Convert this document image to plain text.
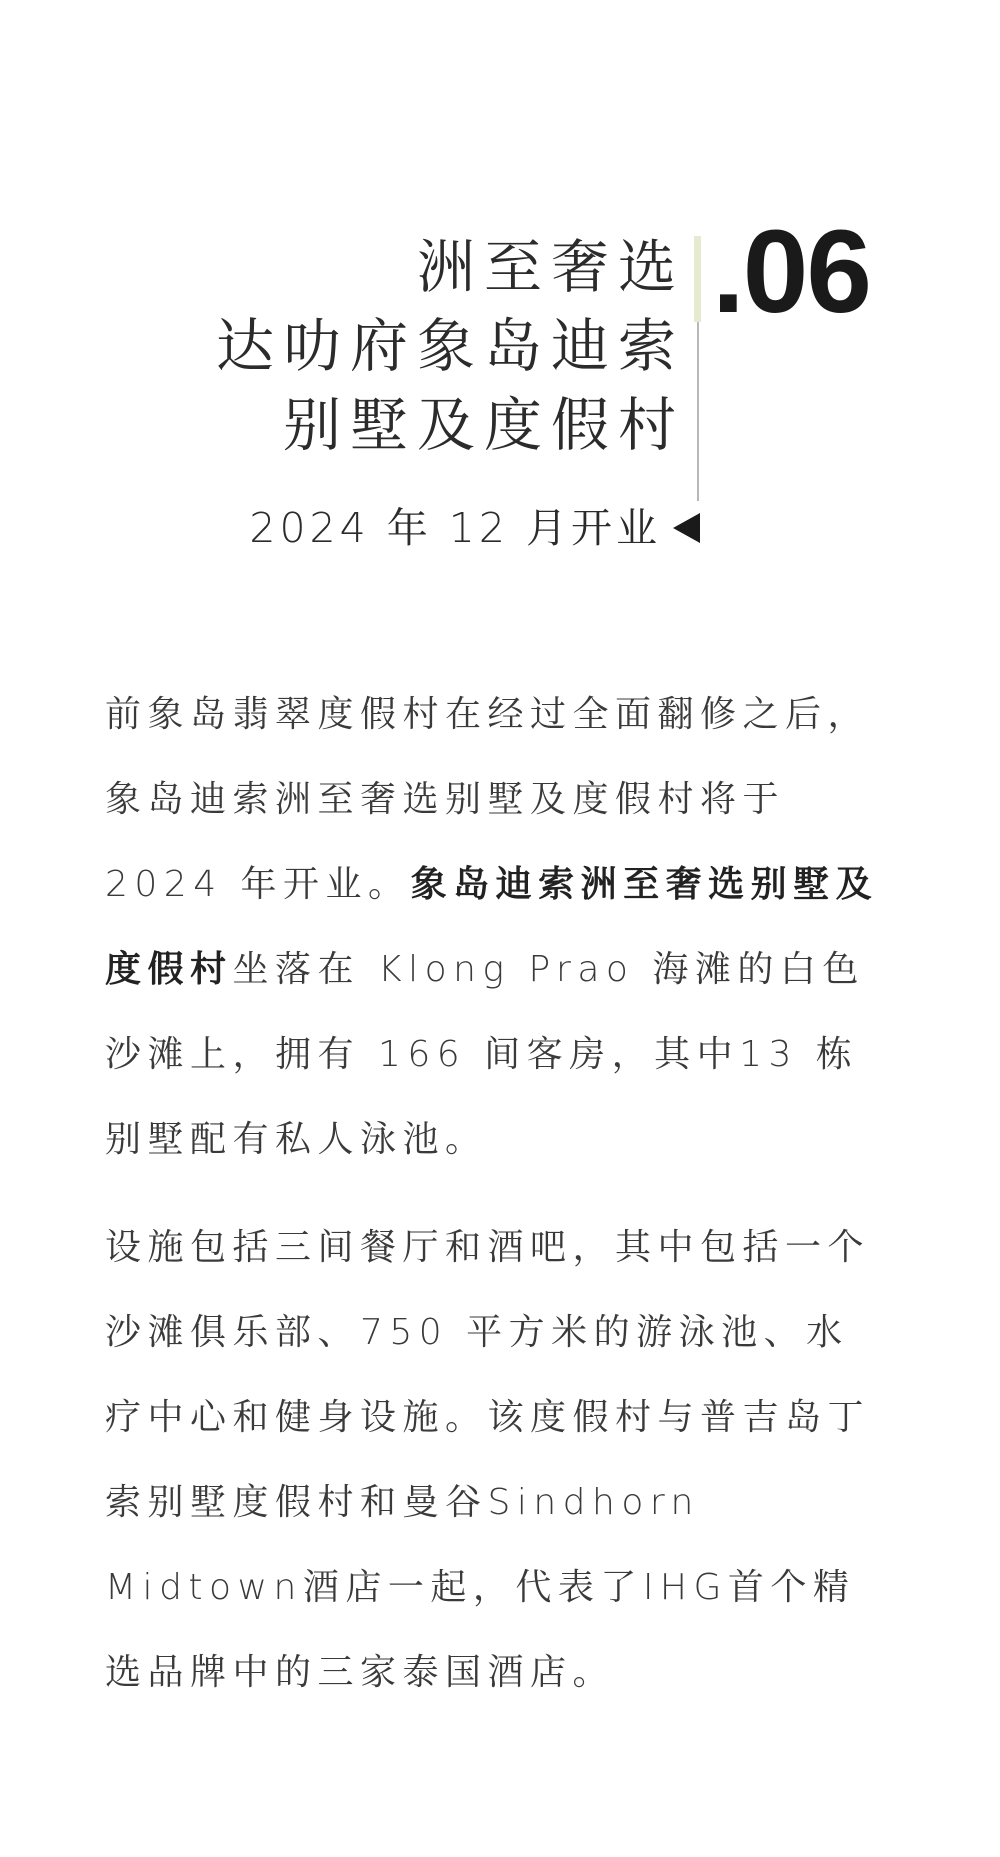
洲至奢选
达叻府象岛迪索
别墅及度假村
.06
2024 年 12 月开业

前象岛翡翠度假村在经过全面翻修之后，象岛迪索洲至奢选别墅及度假村将于2024 年开业。象岛迪索洲至奢选别墅及度假村坐落在 Klong Prao 海滩的白色沙滩上，拥有 166 间客房，其中13 栋别墅配有私人泳池。

设施包括三间餐厅和酒吧，其中包括一个沙滩俱乐部、750 平方米的游泳池、水疗中心和健身设施。该度假村与普吉岛丁索别墅度假村和曼谷Sindhorn Midtown酒店一起，代表了IHG首个精选品牌中的三家泰国酒店。
